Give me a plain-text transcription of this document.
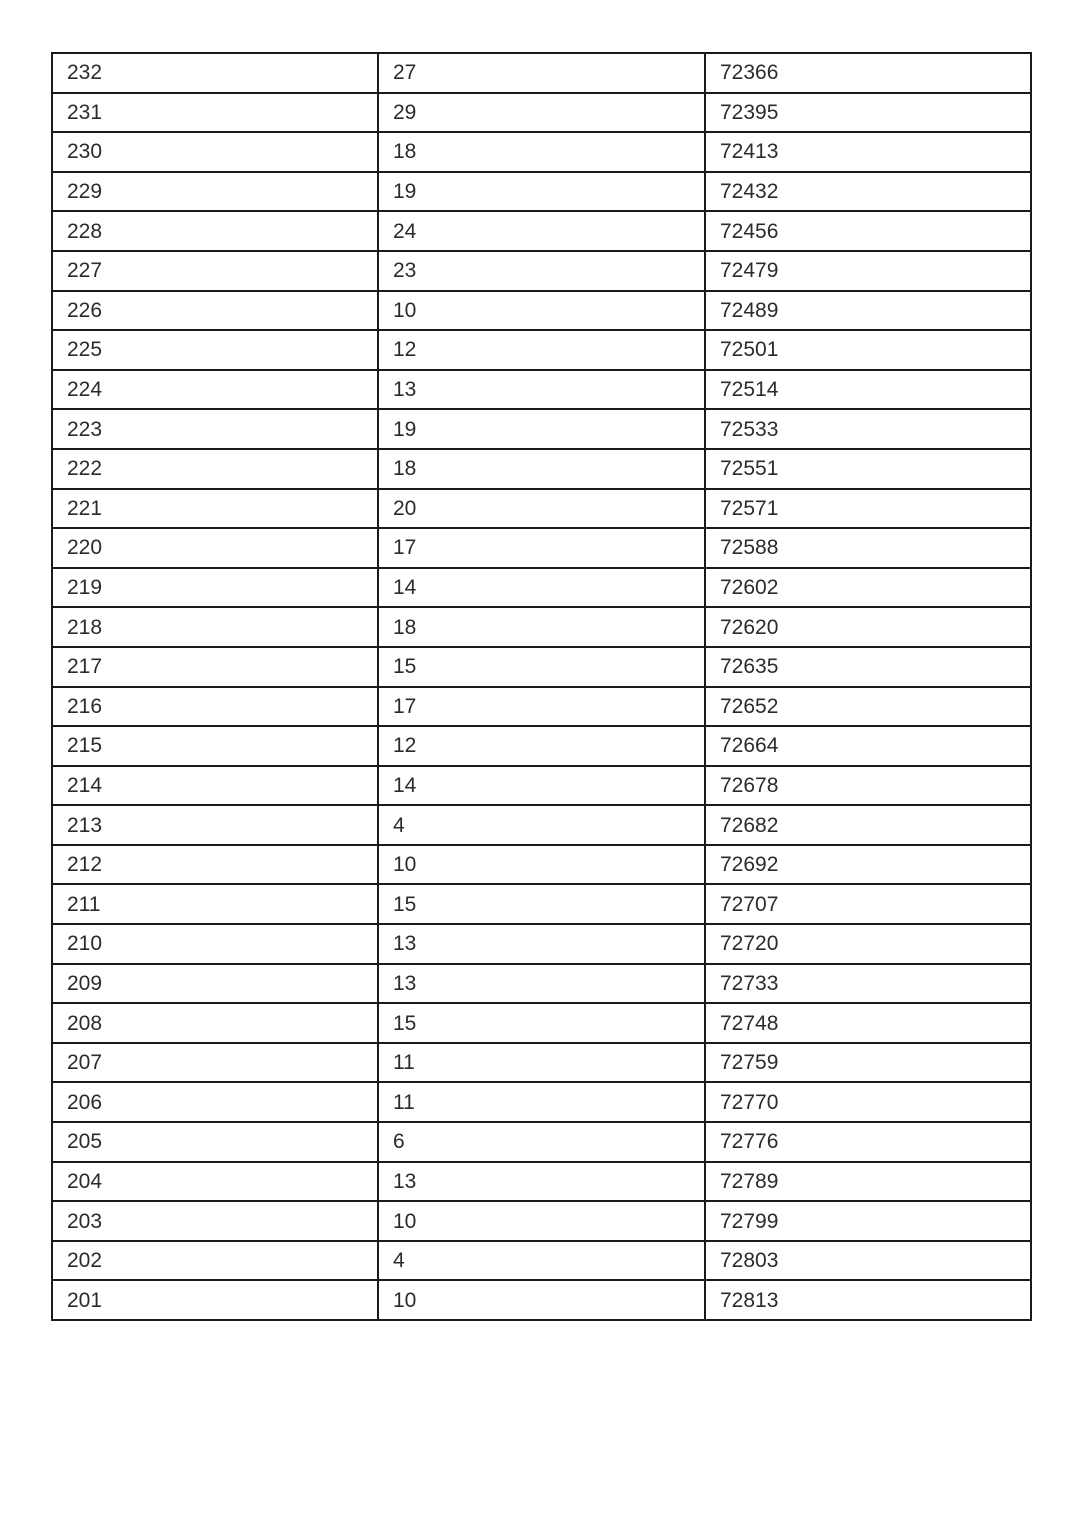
232	27	72366
231	29	72395
230	18	72413
229	19	72432
228	24	72456
227	23	72479
226	10	72489
225	12	72501
224	13	72514
223	19	72533
222	18	72551
221	20	72571
220	17	72588
219	14	72602
218	18	72620
217	15	72635
216	17	72652
215	12	72664
214	14	72678
213	4	72682
212	10	72692
211	15	72707
210	13	72720
209	13	72733
208	15	72748
207	11	72759
206	11	72770
205	6	72776
204	13	72789
203	10	72799
202	4	72803
201	10	72813
